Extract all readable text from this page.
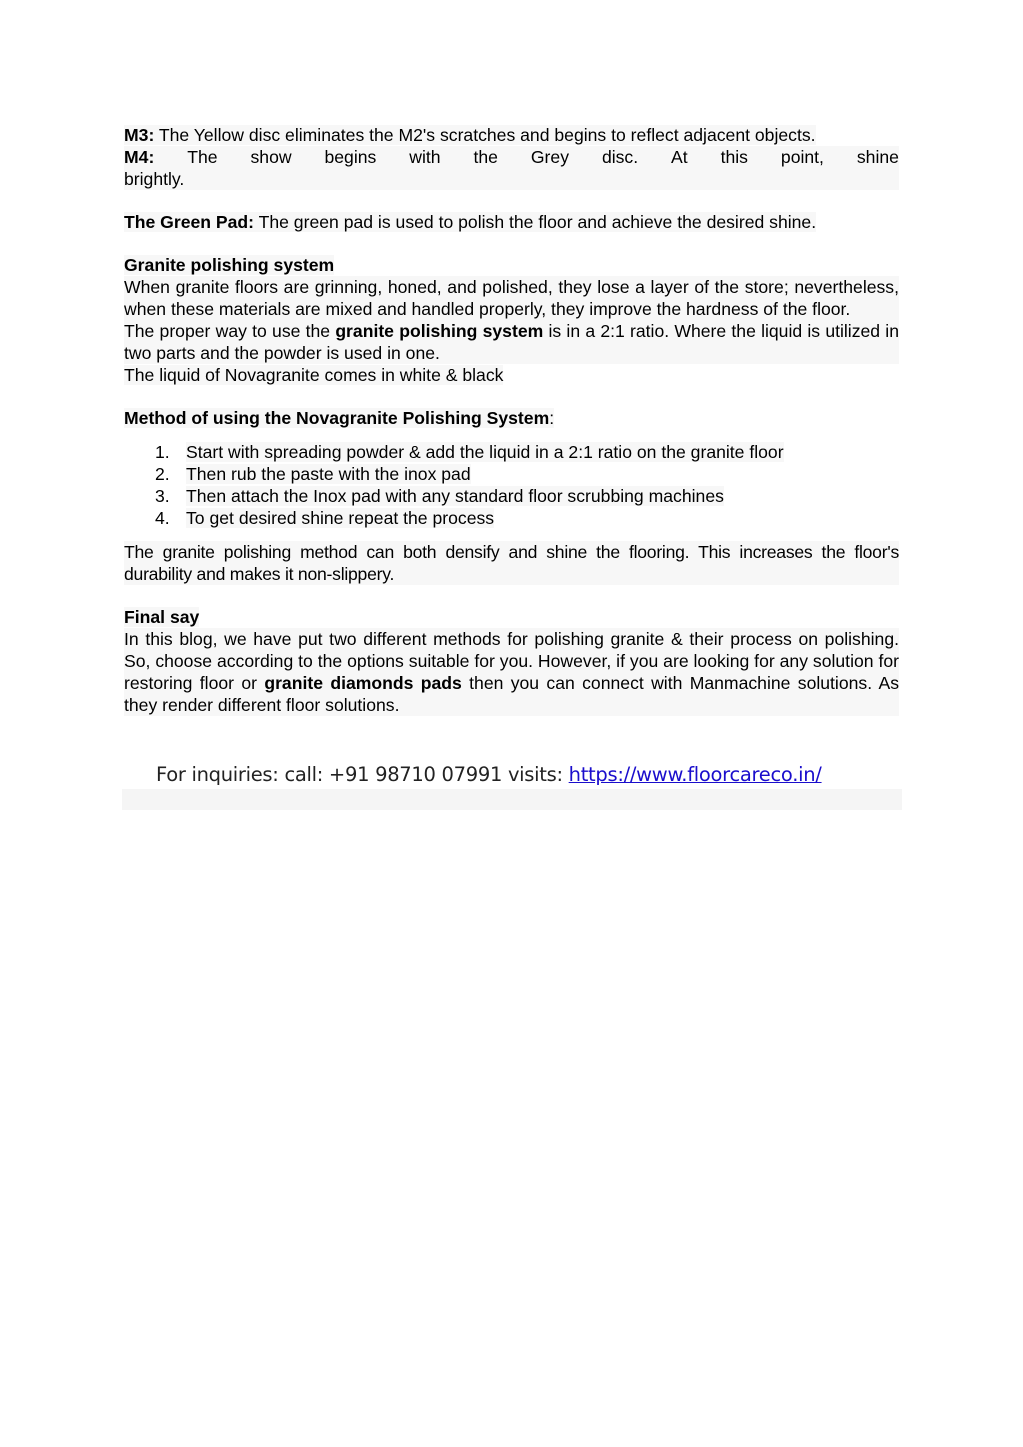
M3: The Yellow disc eliminates the M2's scratches and begins to reflect adjacent objects.

M4: The show begins with the Grey disc. At this point, shine
brightly.

The Green Pad: The green pad is used to polish the floor and achieve the desired shine.

Granite polishing system

When granite floors are grinning, honed, and polished, they lose a layer of the store; nevertheless, when these materials are mixed and handled properly, they improve the hardness of the floor.

The proper way to use the granite polishing system is in a 2:1 ratio. Where the liquid is utilized in two parts and the powder is used in one.

The liquid of Novagranite comes in white & black

Method of using the Novagranite Polishing System:

1. Start with spreading powder & add the liquid in a 2:1 ratio on the granite floor
2. Then rub the paste with the inox pad
3. Then attach the Inox pad with any standard floor scrubbing machines
4. To get desired shine repeat the process

The granite polishing method can both densify and shine the flooring. This increases the floor's durability and makes it non-slippery.

Final say

In this blog, we have put two different methods for polishing granite & their process on polishing. So, choose according to the options suitable for you. However, if you are looking for any solution for restoring floor or granite diamonds pads then you can connect with Manmachine solutions. As they render different floor solutions.

For inquiries: call: +91 98710 07991 visits: https://www.floorcareco.in/
